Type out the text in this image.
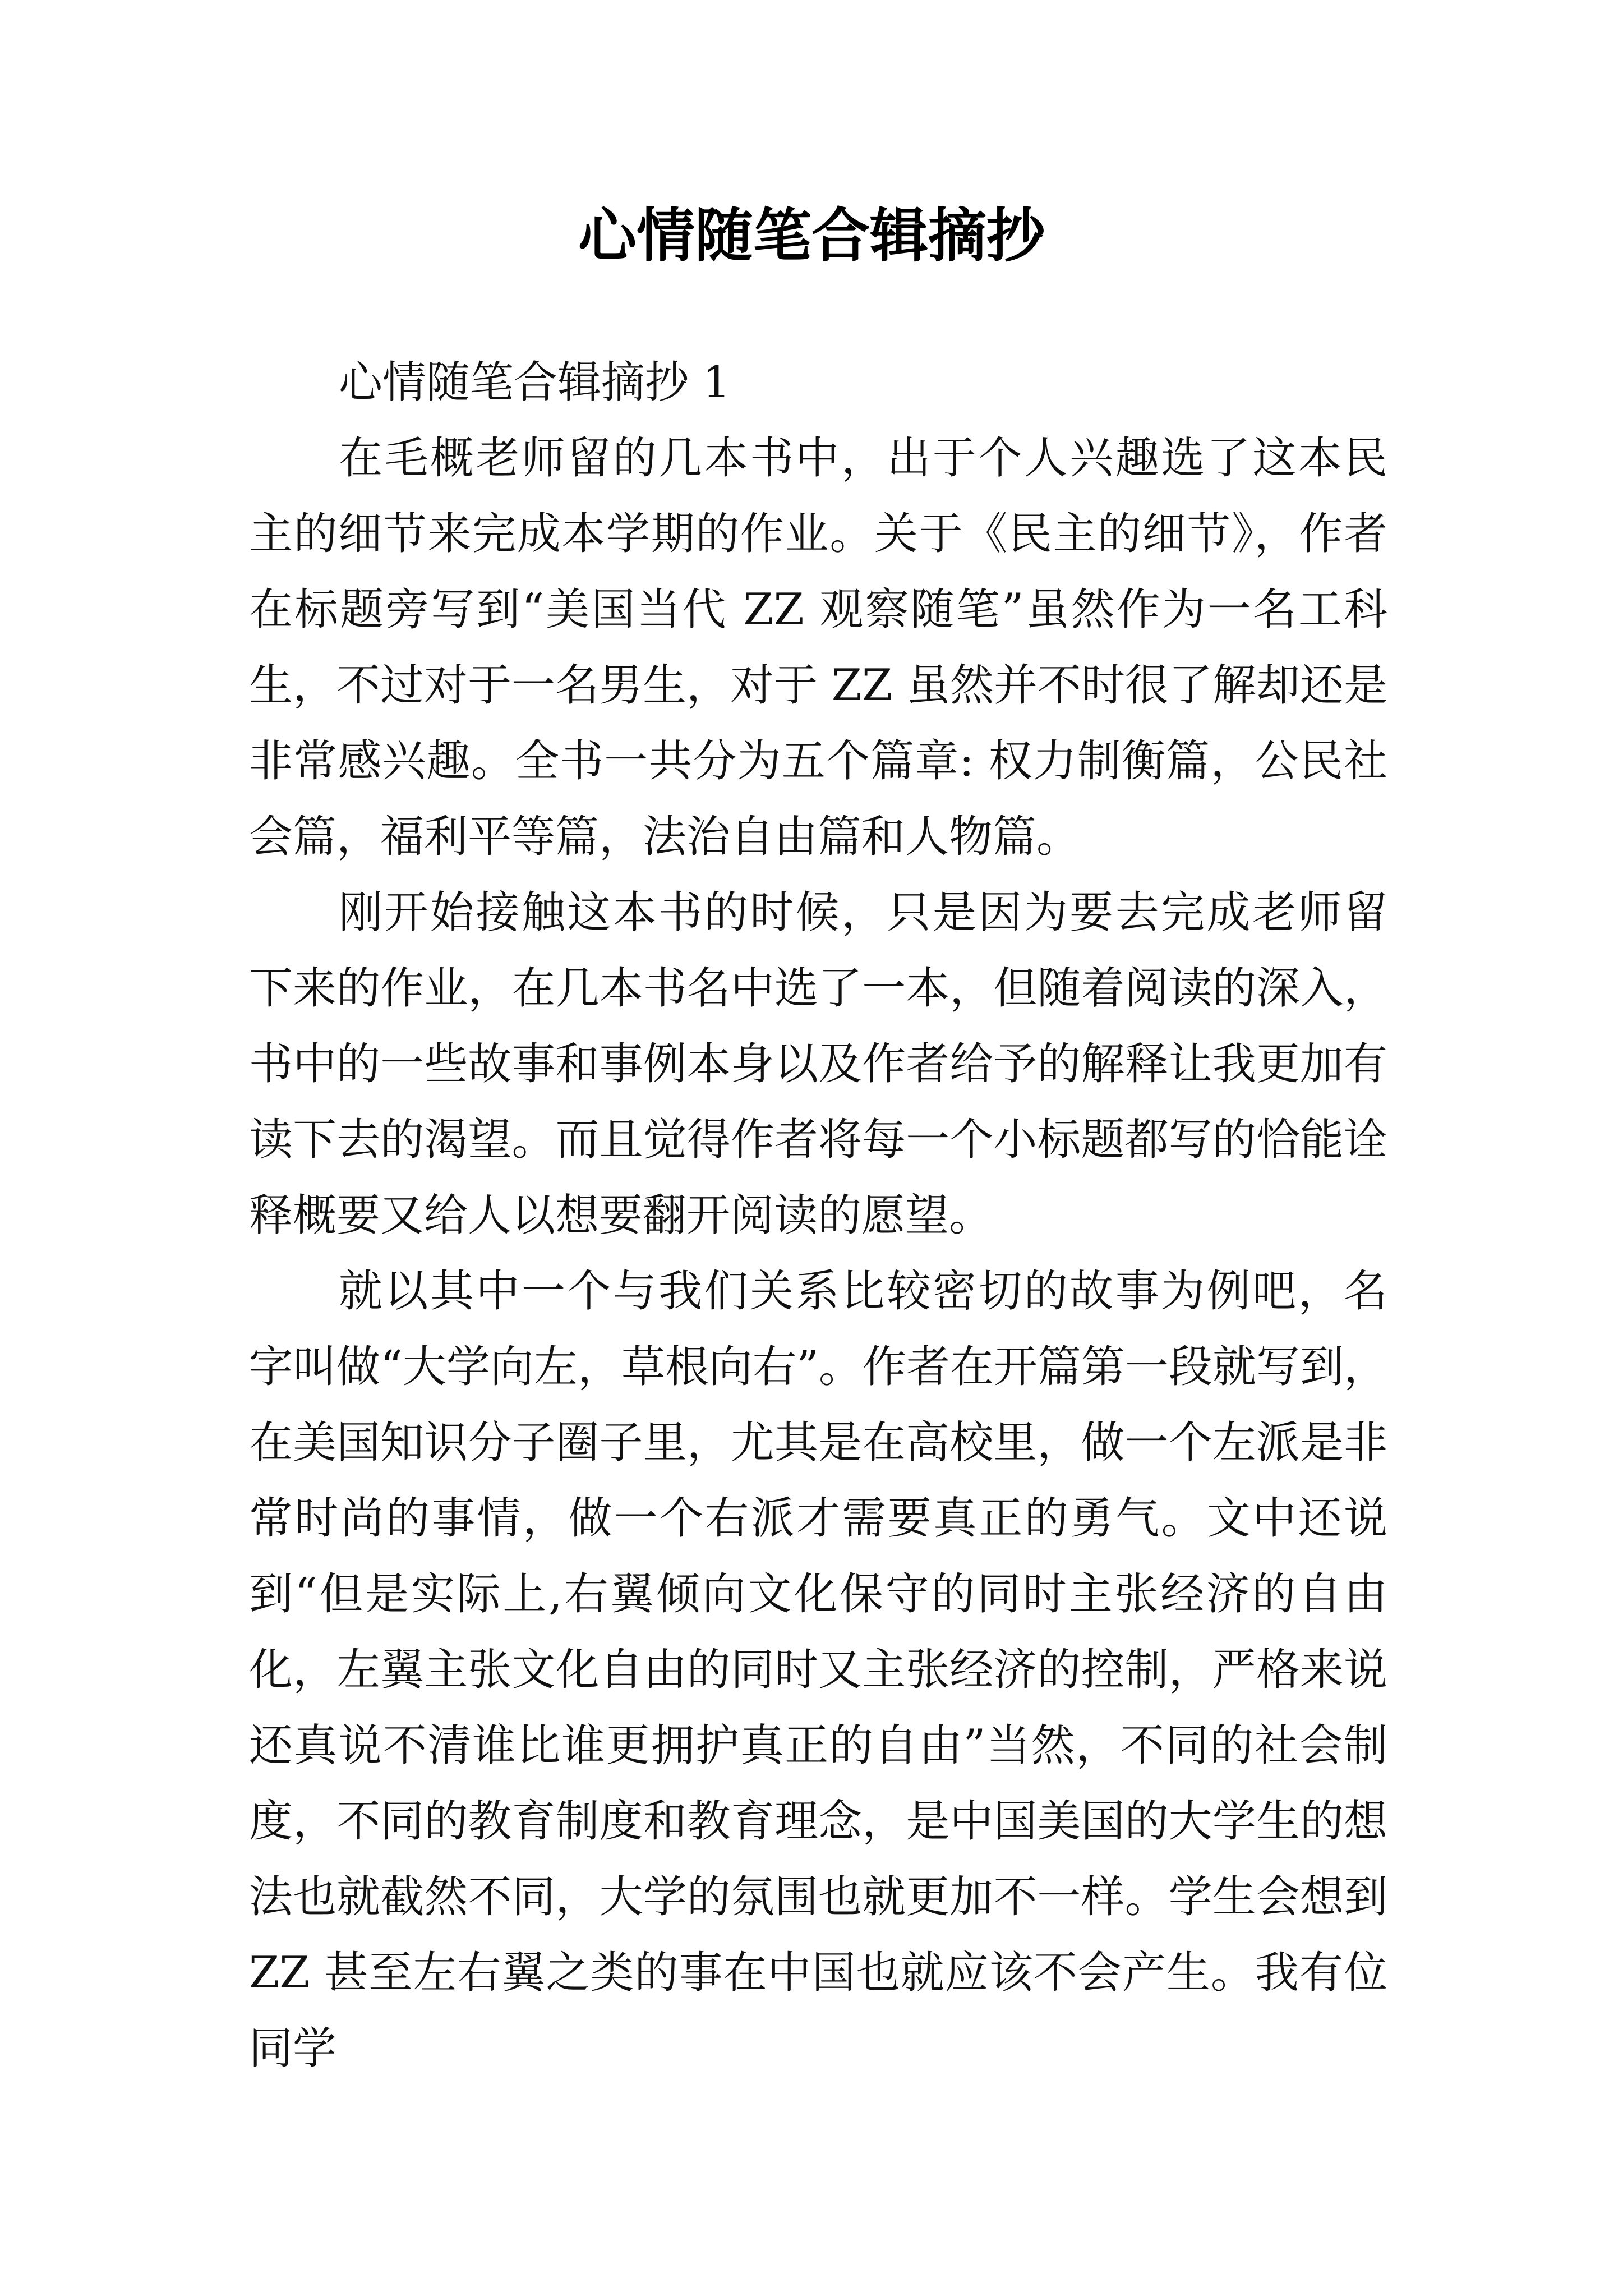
心情随笔合辑摘抄

心情随笔合辑摘抄 1

在毛概老师留的几本书中，出于个人兴趣选了这本民主的细节来完成本学期的作业。关于《民主的细节》，作者在标题旁写到“美国当代 ZZ 观察随笔”虽然作为一名工科生，不过对于一名男生，对于 ZZ 虽然并不时很了解却还是非常感兴趣。全书一共分为五个篇章: 权力制衡篇，公民社会篇，福利平等篇，法治自由篇和人物篇。

刚开始接触这本书的时候，只是因为要去完成老师留下来的作业，在几本书名中选了一本，但随着阅读的深入，书中的一些故事和事例本身以及作者给予的解释让我更加有读下去的渴望。而且觉得作者将每一个小标题都写的恰能诠释概要又给人以想要翻开阅读的愿望。

就以其中一个与我们关系比较密切的故事为例吧，名字叫做“大学向左，草根向右”。作者在开篇第一段就写到，在美国知识分子圈子里，尤其是在高校里，做一个左派是非常时尚的事情，做一个右派才需要真正的勇气。文中还说到“但是实际上,右翼倾向文化保守的同时主张经济的自由化，左翼主张文化自由的同时又主张经济的控制，严格来说还真说不清谁比谁更拥护真正的自由”当然，不同的社会制度，不同的教育制度和教育理念，是中国美国的大学生的想法也就截然不同，大学的氛围也就更加不一样。学生会想到 ZZ 甚至左右翼之类的事在中国也就应该不会产生。我有位同学
